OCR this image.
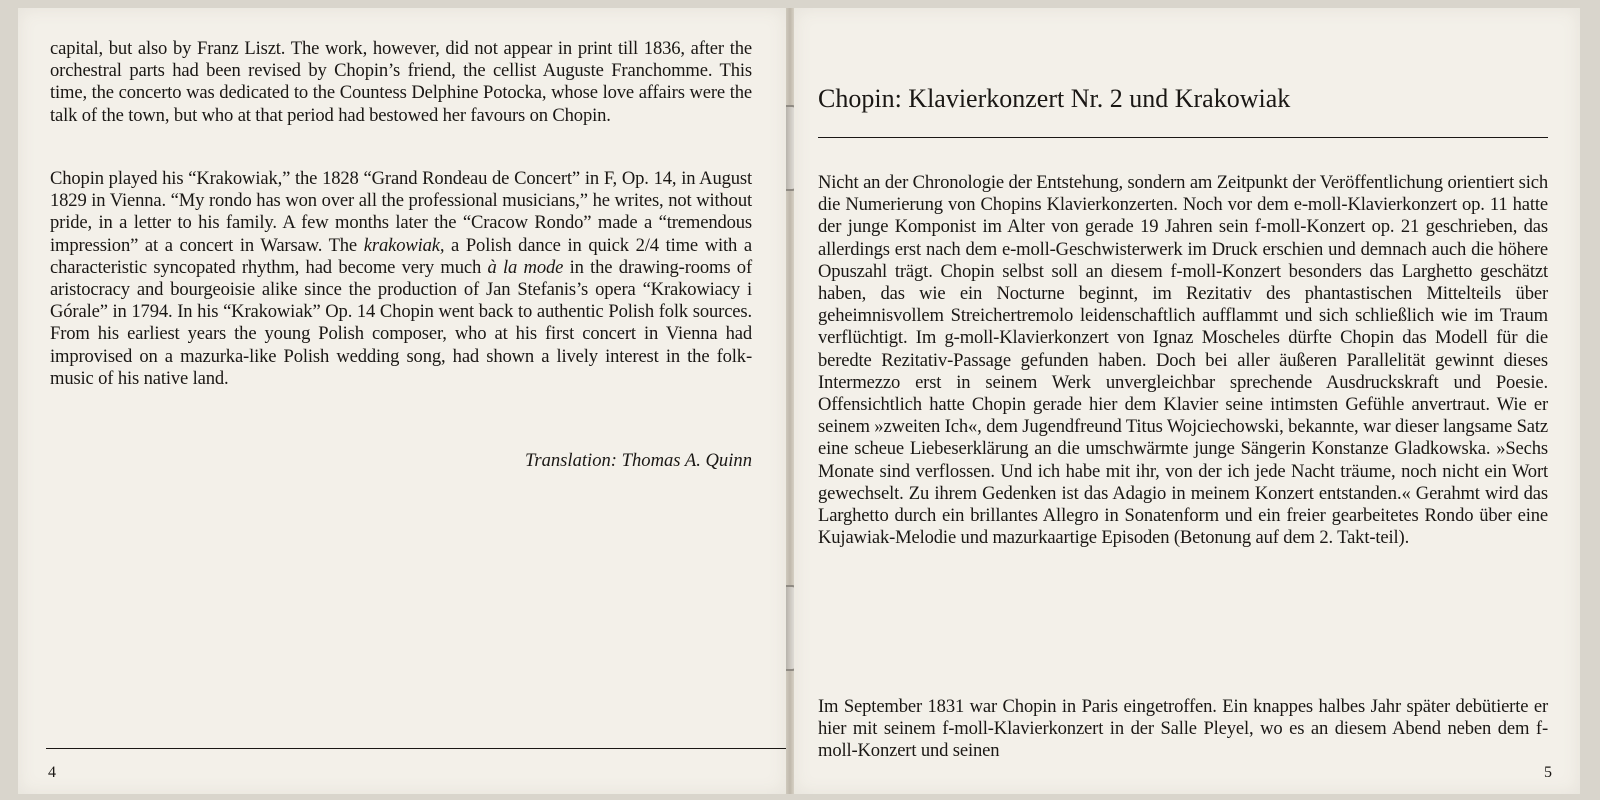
capital, but also by Franz Liszt. The work, however, did not appear in print till 1836, after the orchestral parts had been revised by Chopin’s friend, the cellist Auguste Franchomme. This time, the concerto was dedicated to the Countess Delphine Potocka, whose love affairs were the talk of the town, but who at that period had bestowed her favours on Chopin.

Chopin played his “Krakowiak,” the 1828 “Grand Rondeau de Concert” in F, Op. 14, in August 1829 in Vienna. “My rondo has won over all the professional musicians,” he writes, not without pride, in a letter to his family. A few months later the “Cracow Rondo” made a “tremendous impression” at a concert in Warsaw. The krakowiak, a Polish dance in quick 2/4 time with a characteristic syncopated rhythm, had become very much à la mode in the drawing-rooms of aristocracy and bourgeoisie alike since the production of Jan Stefanis’s opera “Krakowiacy i Górale” in 1794. In his “Krakowiak” Op. 14 Chopin went back to authentic Polish folk sources. From his earliest years the young Polish composer, who at his first concert in Vienna had improvised on a mazurka-like Polish wedding song, had shown a lively interest in the folk-music of his native land.

Translation: Thomas A. Quinn
4
Chopin: Klavierkonzert Nr. 2 und Krakowiak

Nicht an der Chronologie der Entstehung, sondern am Zeitpunkt der Veröffentlichung orientiert sich die Numerierung von Chopins Klavierkonzerten. Noch vor dem e-moll-Klavierkonzert op. 11 hatte der junge Komponist im Alter von gerade 19 Jahren sein f-moll-Konzert op. 21 geschrieben, das allerdings erst nach dem e-moll-Geschwisterwerk im Druck erschien und demnach auch die höhere Opuszahl trägt. Chopin selbst soll an diesem f-moll-Konzert besonders das Larghetto geschätzt haben, das wie ein Nocturne beginnt, im Rezitativ des phantastischen Mittelteils über geheimnisvollem Streichertremolo leidenschaftlich aufflammt und sich schließlich wie im Traum verflüchtigt. Im g-moll-Klavierkonzert von Ignaz Moscheles dürfte Chopin das Modell für die beredte Rezitativ-Passage gefunden haben. Doch bei aller äußeren Parallelität gewinnt dieses Intermezzo erst in seinem Werk unvergleichbar sprechende Ausdruckskraft und Poesie. Offensichtlich hatte Chopin gerade hier dem Klavier seine intimsten Gefühle anvertraut. Wie er seinem »zweiten Ich«, dem Jugendfreund Titus Wojciechowski, bekannte, war dieser langsame Satz eine scheue Liebeserklärung an die umschwärmte junge Sängerin Konstanze Gladkowska. »Sechs Monate sind verflossen. Und ich habe mit ihr, von der ich jede Nacht träume, noch nicht ein Wort gewechselt. Zu ihrem Gedenken ist das Adagio in meinem Konzert entstanden.« Gerahmt wird das Larghetto durch ein brillantes Allegro in Sonatenform und ein freier gearbeitetes Rondo über eine Kujawiak-Melodie und mazurkaartige Episoden (Betonung auf dem 2. Takt-teil).

Im September 1831 war Chopin in Paris eingetroffen. Ein knappes halbes Jahr später debütierte er hier mit seinem f-moll-Klavierkonzert in der Salle Pleyel, wo es an diesem Abend neben dem f-moll-Konzert und seinen

5
